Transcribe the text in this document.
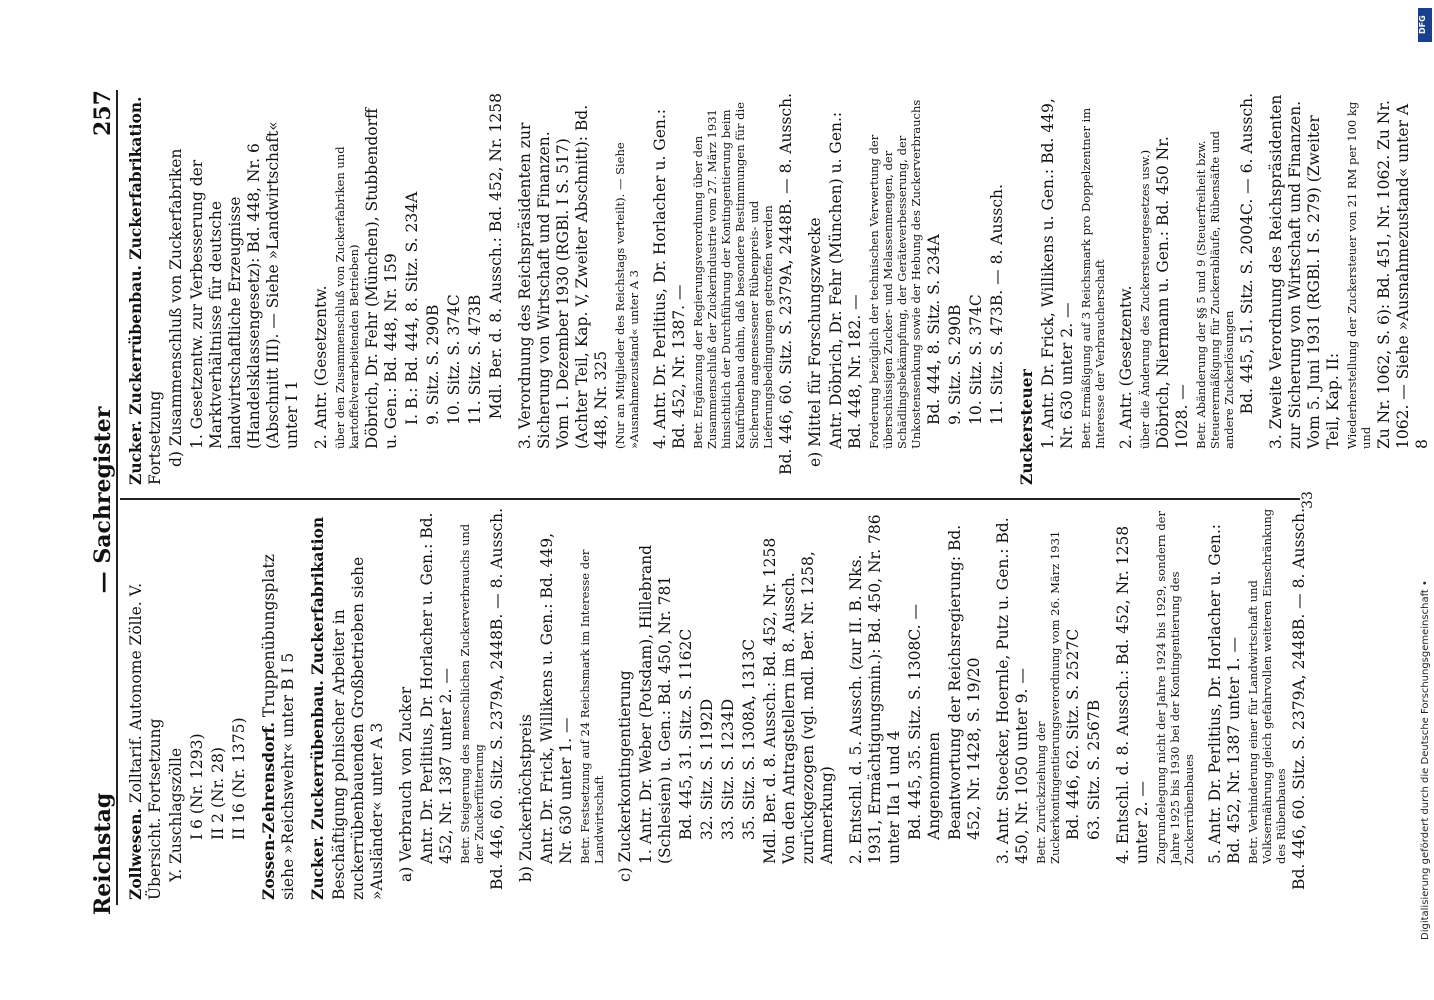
Reichstag
— Sachregister
257
Zollwesen. Zolltarif. Autonome Zölle. V. Übersicht. Fortsetzung Y. Zuschlagszölle I 6 (Nr. 1293) II 2 (Nr. 28) II 16 (Nr. 1375) Zossen-Zehrensdorf. Truppenübungsplatz siehe »Reichswehr« unter B I 5 Zucker. Zuckerrübenbau. Zuckerfabrikation Beschäftigung polnischer Arbeiter in zuckerrübenbauenden Großbetrieben siehe »Ausländer« unter A 3 a) Verbrauch von Zucker Antr. Dr. Perlitius, Dr. Horlacher u. Gen.: Bd. 452, Nr. 1387 unter 2. — Betr. Steigerung des menschlichen Zuckerverbrauchs und der Zuckerfütterung Bd. 446, 60. Sitz. S. 2379A, 2448B. — 8. Aussch. b) Zuckerhöchstpreis Antr. Dr. Frick, Willikens u. Gen.: Bd. 449, Nr. 630 unter 1. — Betr. Festsetzung auf 24 Reichsmark im Interesse der Landwirtschaft c) Zuckerkontingentierung 1. Antr. Dr. Weber (Potsdam), Hillebrand (Schlesien) u. Gen.: Bd. 450, Nr. 781 Bd. 445, 31. Sitz. S. 1162C 32. Sitz. S. 1192D 33. Sitz. S. 1234D 35. Sitz. S. 1308A, 1313C Mdl. Ber. d. 8. Aussch.: Bd. 452, Nr. 1258 Von den Antragstellern im 8. Aussch. zurückgezogen (vgl. mdl. Ber. Nr. 1258, Anmerkung) 2. Entschl. d. 5. Aussch. (zur II. B. Nks. 1931, Ermächtigungsmin.): Bd. 450, Nr. 786 unter IIa 1 und 4 Bd. 445, 35. Sitz. S. 1308C. — Angenommen Beantwortung der Reichsregierung: Bd. 452, Nr. 1428, S. 19/20 3. Antr. Stoecker, Hoernle, Putz u. Gen.: Bd. 450, Nr. 1050 unter 9. — Betr. Zurückziehung der Zuckerkontingentierungsverordnung vom 26. März 1931 Bd. 446, 62. Sitz. S. 2527C 63. Sitz. S. 2567B 4. Entschl. d. 8. Aussch.: Bd. 452, Nr. 1258 unter 2. — Zugrundelegung nicht der Jahre 1924 bis 1929, sondern der Jahre 1925 bis 1930 bei der Kontingentierung des Zuckerrübenbaues 5. Antr. Dr. Perlitius, Dr. Horlacher u. Gen.: Bd. 452, Nr. 1387 unter 1. — Betr. Verhinderung einer für Landwirtschaft und Volksernährung gleich gefahrvollen weiteren Einschränkung des Rübenbaues Bd. 446, 60. Sitz. S. 2379A, 2448B. — 8. Aussch.
Zucker. Zuckerrübenbau. Zuckerfabrikation. Fortsetzung d) Zusammenschluß von Zuckerfabriken 1. Gesetzentw. zur Verbesserung der Marktverhältnisse für deutsche landwirtschaftliche Erzeugnisse (Handelsklassengesetz): Bd. 448, Nr. 6 (Abschnitt III). — Siehe »Landwirtschaft« unter I 1 2. Antr. (Gesetzentw. über den Zusammenschluß von Zuckerfabriken und kartoffelverarbeitenden Betrieben) Döbrich, Dr. Fehr (München), Stubbendorff u. Gen.: Bd. 448, Nr. 159 I. B.: Bd. 444, 8. Sitz. S. 234A 9. Sitz. S. 290B 10. Sitz. S. 374C 11. Sitz. S. 473B Mdl. Ber. d. 8. Aussch.: Bd. 452, Nr. 1258 3. Verordnung des Reichspräsidenten zur Sicherung von Wirtschaft und Finanzen. Vom 1. Dezember 1930 (RGBl. I S. 517) (Achter Teil, Kap. V, Zweiter Abschnitt): Bd. 448, Nr. 325 (Nur an Mitglieder des Reichstags verteilt). — Siehe »Ausnahmezustand« unter A 3 4. Antr. Dr. Perlitius, Dr. Horlacher u. Gen.: Bd. 452, Nr. 1387. — Betr. Ergänzung der Regierungsverordnung über den Zusammenschluß der Zuckerindustrie vom 27. März 1931 hinsichtlich der Durchführung der Kontingentierung beim Kaufrübenbau dahin, daß besondere Bestimmungen für die Sicherung angemessener Rübenpreis- und Lieferungsbedingungen getroffen werden Bd. 446, 60. Sitz. S. 2379A, 2448B. — 8. Aussch. e) Mittel für Forschungszwecke Antr. Döbrich, Dr. Fehr (München) u. Gen.: Bd. 448, Nr. 182. — Forderung bezüglich der technischen Verwertung der überschüssigen Zucker- und Melassenmengen, der Schädlingsbekämpfung, der Geräteverbesserung, der Unkostensenkung sowie der Hebung des Zuckerverbrauchs Bd. 444, 8. Sitz. S. 234A 9. Sitz. S. 290B 10. Sitz. S. 374C 11. Sitz. S. 473B. — 8. Aussch.
Zuckersteuer 1. Antr. Dr. Frick, Willikens u. Gen.: Bd. 449, Nr. 630 unter 2. — Betr. Ermäßigung auf 3 Reichsmark pro Doppelzentner im Interesse der Verbraucherschaft 2. Antr. (Gesetzentw. über die Änderung des Zuckersteuergesetzes usw.) Döbrich, Niermann u. Gen.: Bd. 450 Nr. 1028. — Betr. Abänderung der §§ 5 und 9 (Steuerfreiheit bzw. Steuerermäßigung für Zuckerabläufe, Rübensäfte und andere Zuckerlösungen Bd. 445, 51. Sitz. S. 2004C. — 6. Aussch. 3. Zweite Verordnung des Reichspräsidenten zur Sicherung von Wirtschaft und Finanzen. Vom 5. Juni 1931 (RGBl. I S. 279) (Zweiter Teil, Kap. II: Wiederherstellung der Zuckersteuer von 21 RM per 100 kg und Zu Nr. 1062, S. 6): Bd. 451, Nr. 1062. Zu Nr. 1062. — Siehe »Ausnahmezustand« unter A 8
33
DFG
Digitalisierung gefördert durch die Deutsche Forschungsgemeinschaft •
